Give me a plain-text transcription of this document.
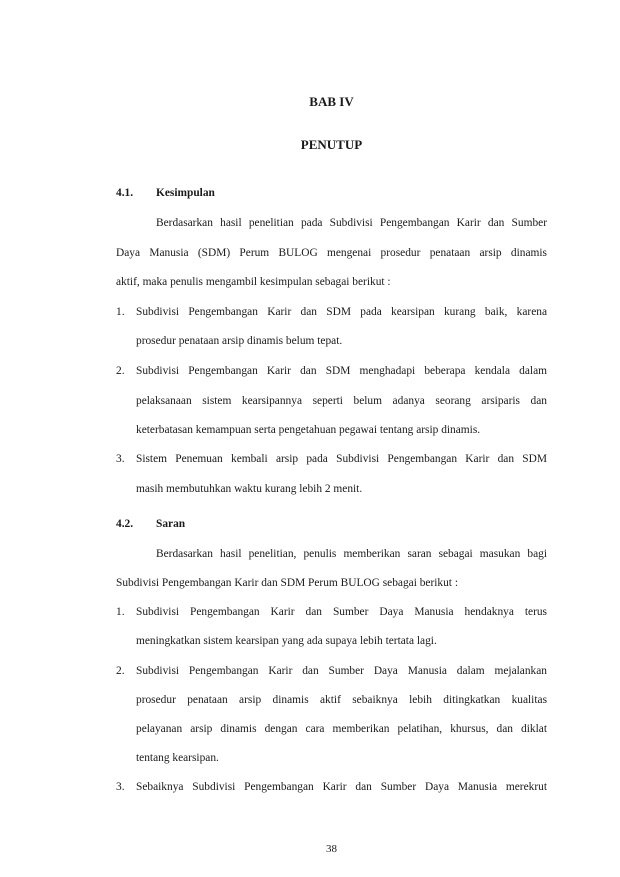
BAB IV
PENUTUP
4.1. Kesimpulan
Berdasarkan hasil penelitian pada Subdivisi Pengembangan Karir dan Sumber
Daya Manusia (SDM) Perum BULOG mengenai prosedur penataan arsip dinamis
aktif, maka penulis mengambil kesimpulan sebagai berikut :
1. Subdivisi Pengembangan Karir dan SDM pada kearsipan kurang baik, karena
prosedur penataan arsip dinamis belum tepat.
2. Subdivisi Pengembangan Karir dan SDM menghadapi beberapa kendala dalam
pelaksanaan sistem kearsipannya seperti belum adanya seorang arsiparis dan
keterbatasan kemampuan serta pengetahuan pegawai tentang arsip dinamis.
3. Sistem Penemuan kembali arsip pada Subdivisi Pengembangan Karir dan SDM
masih membutuhkan waktu kurang lebih 2 menit.
4.2. Saran
Berdasarkan hasil penelitian, penulis memberikan saran sebagai masukan bagi
Subdivisi Pengembangan Karir dan SDM Perum BULOG sebagai berikut :
1. Subdivisi Pengembangan Karir dan Sumber Daya Manusia hendaknya terus
meningkatkan sistem kearsipan yang ada supaya lebih tertata lagi.
2. Subdivisi Pengembangan Karir dan Sumber Daya Manusia dalam mejalankan
prosedur penataan arsip dinamis aktif sebaiknya lebih ditingkatkan kualitas
pelayanan arsip dinamis dengan cara memberikan pelatihan, khursus, dan diklat
tentang kearsipan.
3. Sebaiknya Subdivisi Pengembangan Karir dan Sumber Daya Manusia merekrut
38
